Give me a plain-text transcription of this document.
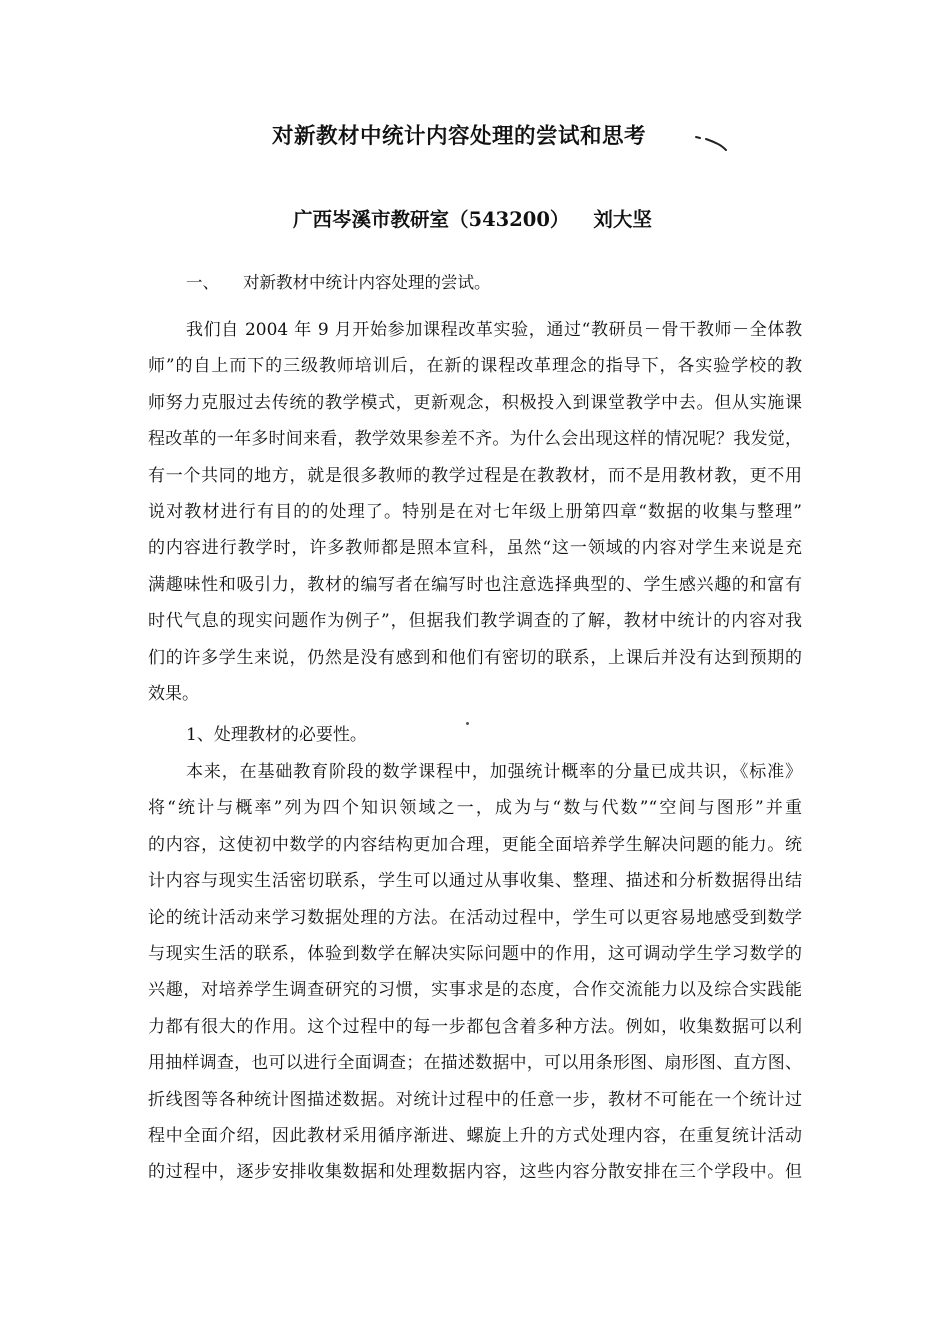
对新教材中统计内容处理的尝试和思考
广西岑溪市教研室（543200） 刘大坚
一、 对新教材中统计内容处理的尝试。
我们自 2004 年 9 月开始参加课程改革实验，通过“教研员－骨干教师－全体教
师”的自上而下的三级教师培训后，在新的课程改革理念的指导下，各实验学校的教
师努力克服过去传统的教学模式，更新观念，积极投入到课堂教学中去。但从实施课
程改革的一年多时间来看，教学效果参差不齐。为什么会出现这样的情况呢？我发觉，
有一个共同的地方，就是很多教师的教学过程是在教教材，而不是用教材教，更不用
说对教材进行有目的的处理了。特别是在对七年级上册第四章“数据的收集与整理”
的内容进行教学时，许多教师都是照本宣科，虽然“这一领域的内容对学生来说是充
满趣味性和吸引力，教材的编写者在编写时也注意选择典型的、学生感兴趣的和富有
时代气息的现实问题作为例子”，但据我们教学调查的了解，教材中统计的内容对我
们的许多学生来说，仍然是没有感到和他们有密切的联系，上课后并没有达到预期的
效果。
1、处理教材的必要性。
本来，在基础教育阶段的数学课程中，加强统计概率的分量已成共识，《标准》
将“统计与概率”列为四个知识领域之一，成为与“数与代数”“空间与图形”并重
的内容，这使初中数学的内容结构更加合理，更能全面培养学生解决问题的能力。统
计内容与现实生活密切联系，学生可以通过从事收集、整理、描述和分析数据得出结
论的统计活动来学习数据处理的方法。在活动过程中，学生可以更容易地感受到数学
与现实生活的联系，体验到数学在解决实际问题中的作用，这可调动学生学习数学的
兴趣，对培养学生调查研究的习惯，实事求是的态度，合作交流能力以及综合实践能
力都有很大的作用。这个过程中的每一步都包含着多种方法。例如，收集数据可以利
用抽样调查，也可以进行全面调查；在描述数据中，可以用条形图、扇形图、直方图、
折线图等各种统计图描述数据。对统计过程中的任意一步，教材不可能在一个统计过
程中全面介绍，因此教材采用循序渐进、螺旋上升的方式处理内容，在重复统计活动
的过程中，逐步安排收集数据和处理数据内容，这些内容分散安排在三个学段中。但
